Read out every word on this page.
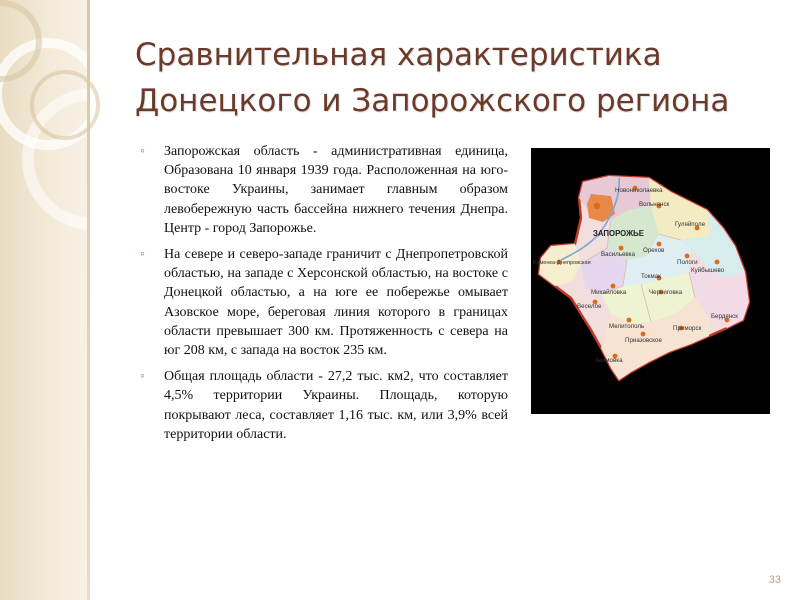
Сравнительная характеристика
Донецкого и Запорожского региона
◦ Запорожская область - административная единица, Образована 10 января 1939 года. Расположенная на юго-востоке Украины, занимает главным образом левобережную часть бассейна нижнего течения Днепра. Центр - город Запорожье.
◦ На севере и северо-западе граничит с Днепропетровской областью, на западе с Херсонской областью, на востоке с Донецкой областью, а на юге ее побережье омывает Азовское море, береговая линия которого в границах области превышает 300 км. Протяженность с севера на юг 208 км, с запада на восток 235 км.
◦ Общая площадь области - 27,2 тыс. км2, что составляет 4,5% территории Украины. Площадь, которую покрывают леса, составляет 1,16 тыс. км, или 3,9% всей территории области.
Новониколаевка
Вольнянск
ЗАПОРОЖЬЕ
Гуляйполе
Каменка-Днепровская
Васильевка
Орехов
Пологи
Куйбышево
Токмак
Михайловка	Черниговка
Веселое
Бердянск
Мелитополь	Приморск
Приазовское
Акимовка
33
